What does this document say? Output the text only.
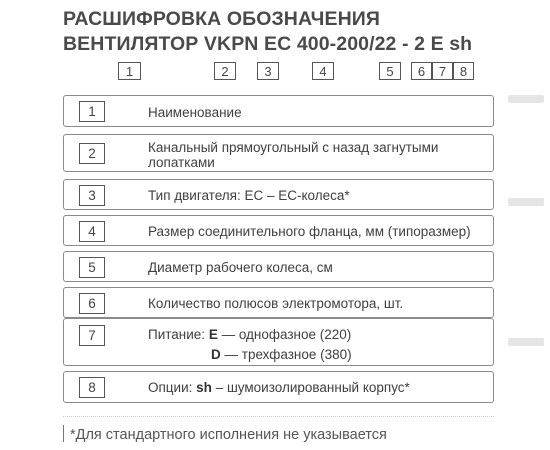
РАСШИФРОВКА ОБОЗНАЧЕНИЯ
ВЕНТИЛЯТОР VKPN EC 400-200/22 - 2 E sh
1	2	3	4	5	6	7	8
1	Наименование
2	Канальный прямоугольный с назад загнутыми
лопатками
3	Тип двигателя: ЕС – ЕС-колеса*
4	Размер соединительного фланца, мм (типоразмер)
5	Диаметр рабочего колеса, см
6	Количество полюсов электромотора, шт.
7	Питание: E — однофазное (220)
D — трехфазное (380)
8	Опции: sh – шумоизолированный корпус*
*Для стандартного исполнения не указывается
